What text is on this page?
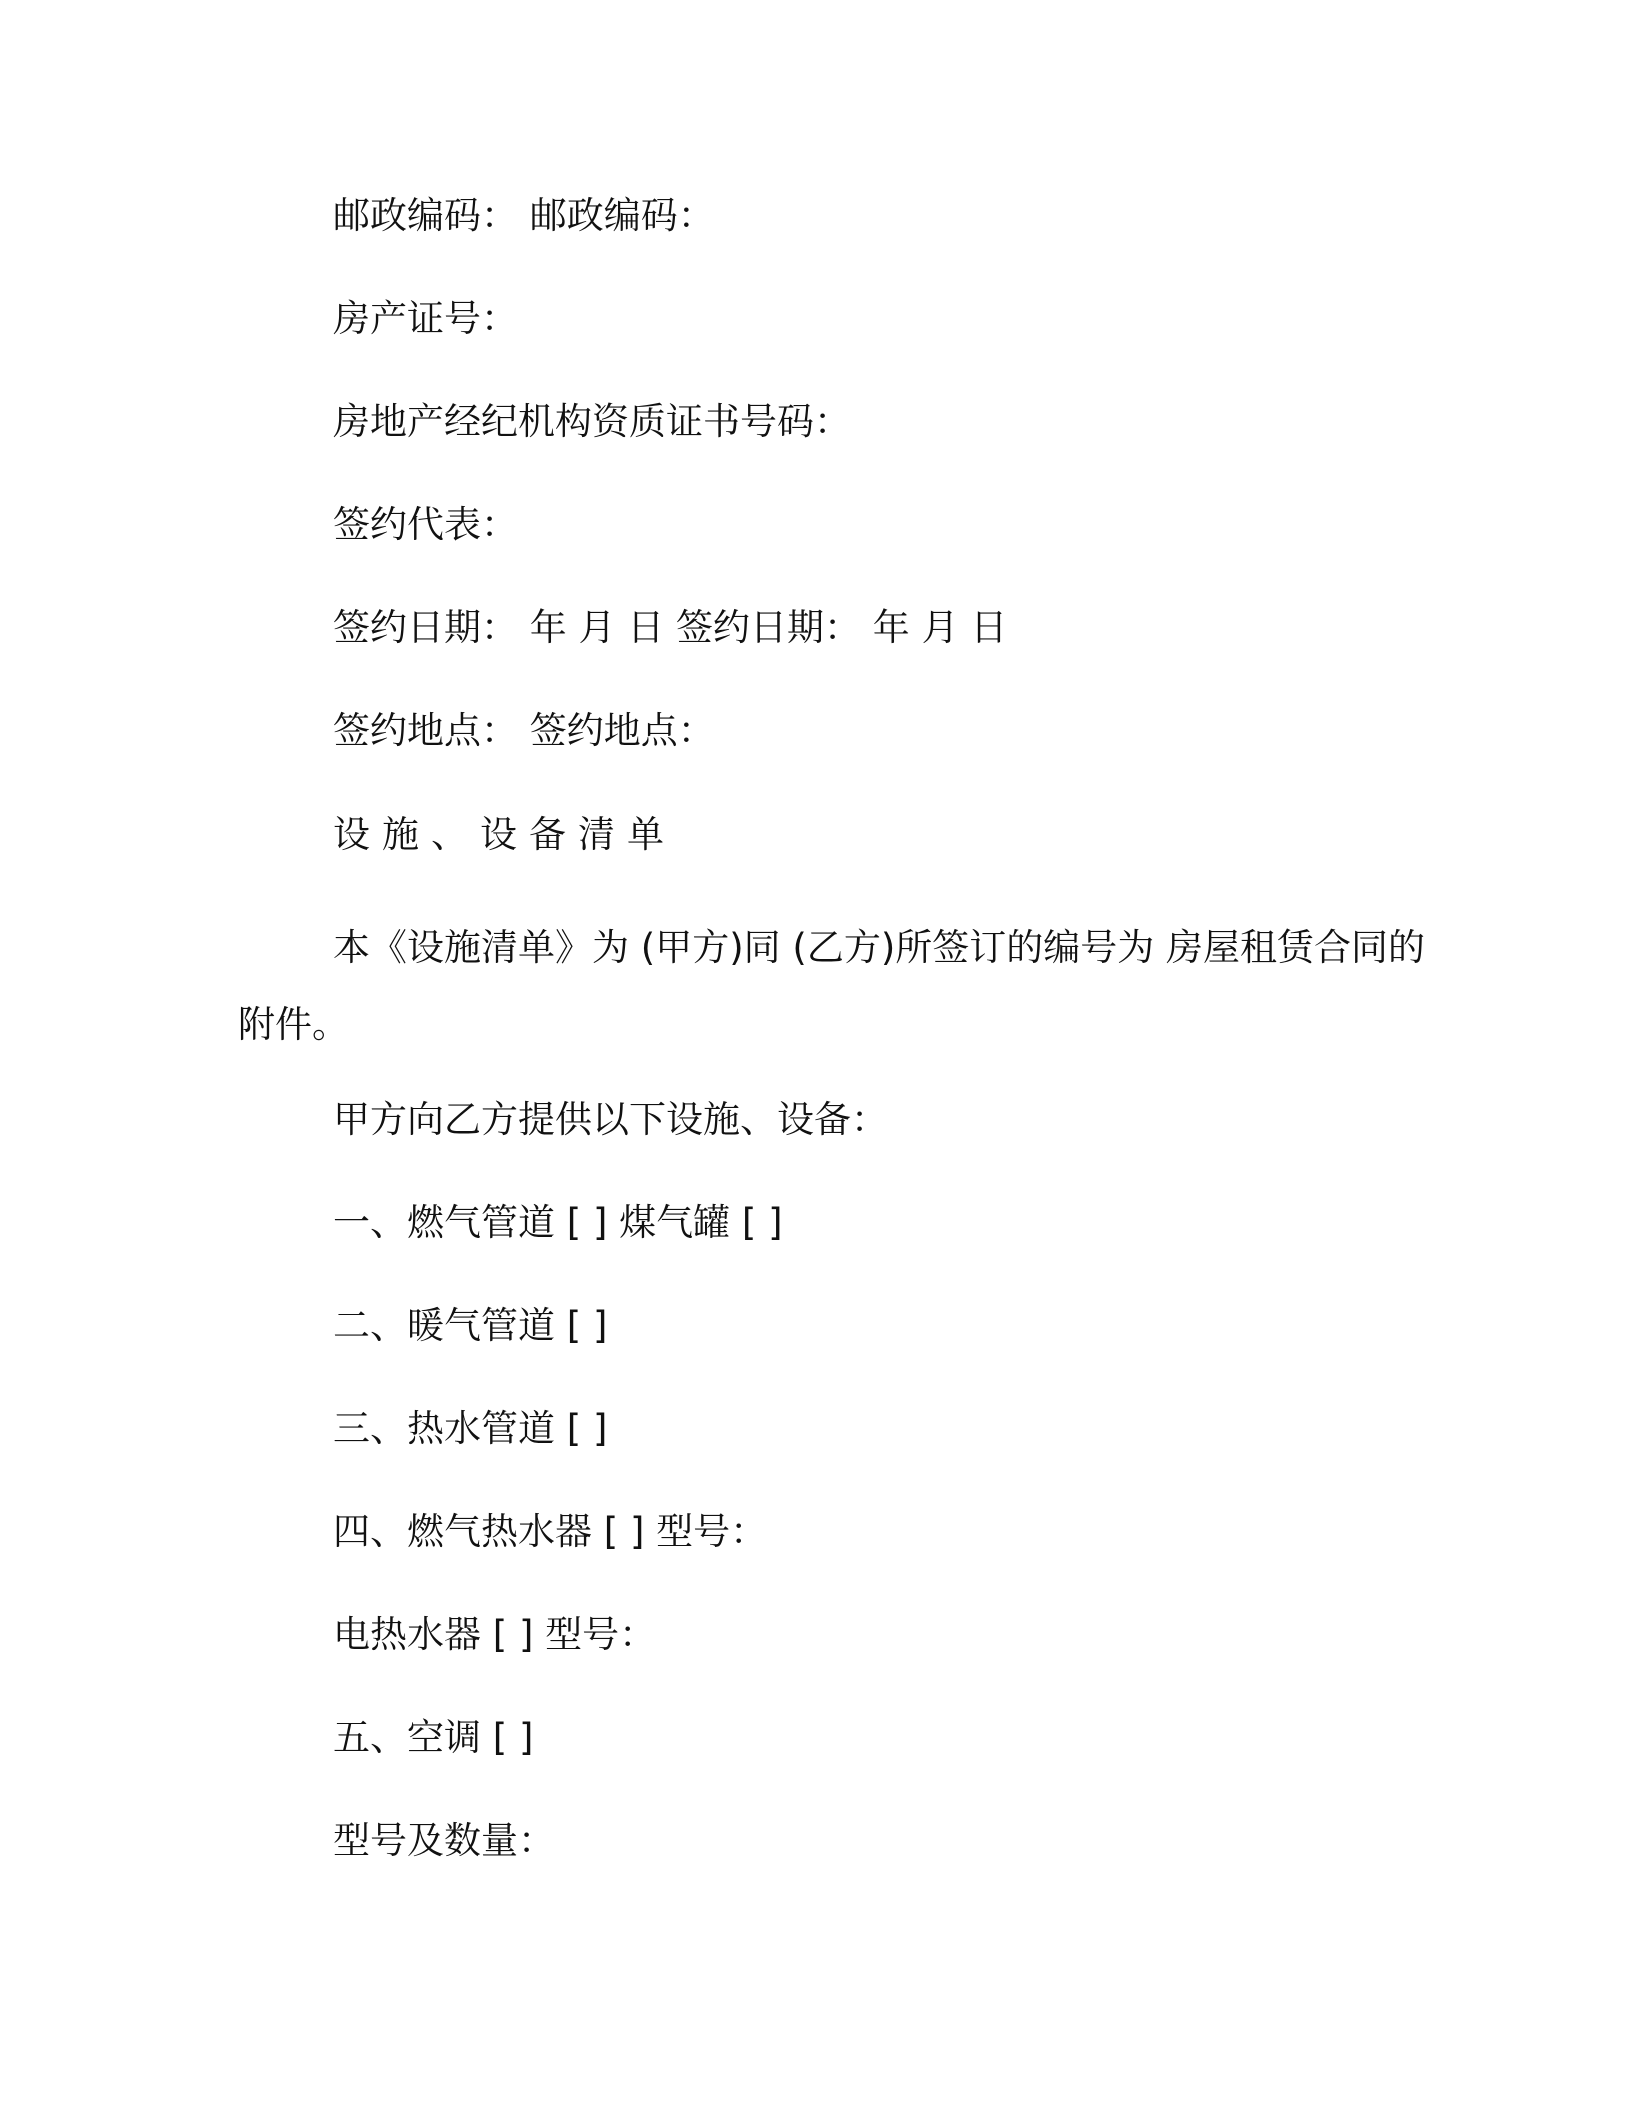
邮政编码： 邮政编码：
房产证号：
房地产经纪机构资质证书号码：
签约代表：
签约日期： 年 月 日 签约日期： 年 月 日
签约地点： 签约地点：
设施、设备清单
本《设施清单》为 (甲方)同 (乙方)所签订的编号为 房屋租赁合同的附件。
甲方向乙方提供以下设施、设备：
一、燃气管道 [ ] 煤气罐 [ ]
二、暖气管道 [ ]
三、热水管道 [ ]
四、燃气热水器 [ ] 型号：
电热水器 [ ] 型号：
五、空调 [ ]
型号及数量：
